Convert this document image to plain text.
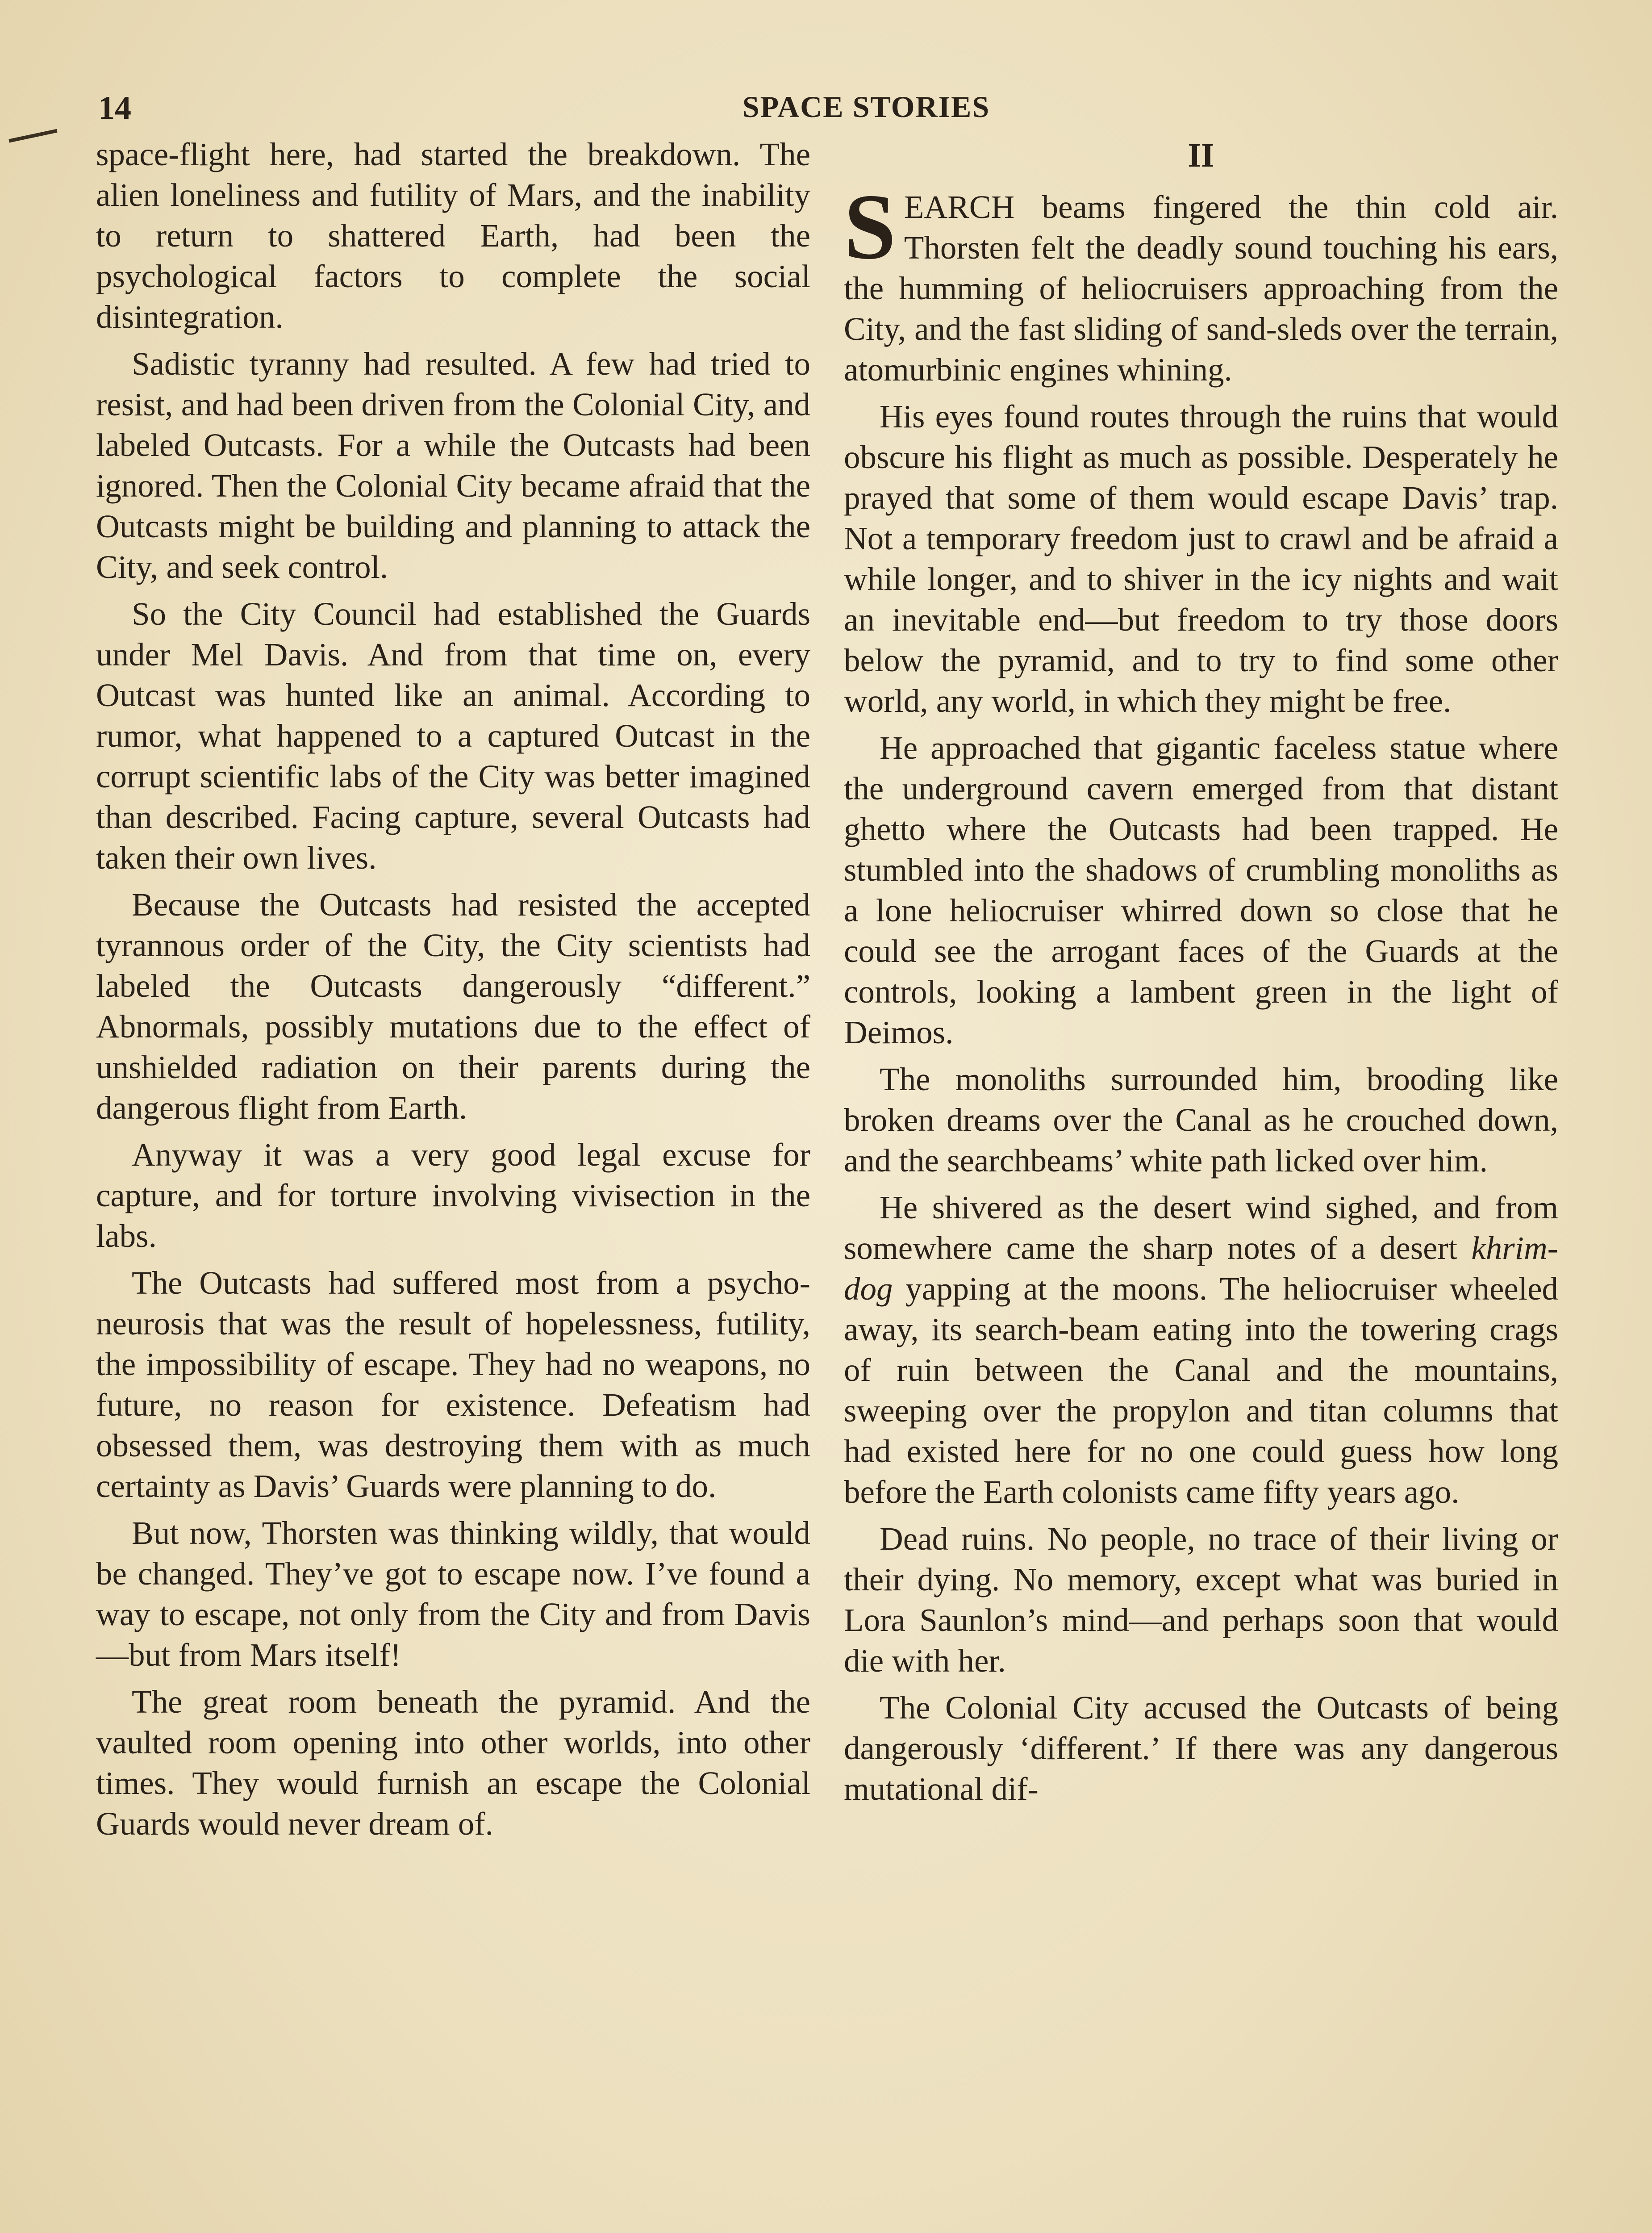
14	SPACE STORIES

space-flight here, had started the breakdown. The alien loneliness and futility of Mars, and the inability to return to shattered Earth, had been the psychological factors to complete the social disintegration.

Sadistic tyranny had resulted. A few had tried to resist, and had been driven from the Colonial City, and labeled Outcasts. For a while the Outcasts had been ignored. Then the Colonial City became afraid that the Outcasts might be building and planning to attack the City, and seek control.

So the City Council had established the Guards under Mel Davis. And from that time on, every Outcast was hunted like an animal. According to rumor, what happened to a captured Outcast in the corrupt scientific labs of the City was better imagined than described. Facing capture, several Outcasts had taken their own lives.

Because the Outcasts had resisted the accepted tyrannous order of the City, the City scientists had labeled the Outcasts dangerously “different.” Abnormals, possibly mutations due to the effect of unshielded radiation on their parents during the dangerous flight from Earth.

Anyway it was a very good legal excuse for capture, and for torture involving vivisection in the labs.

The Outcasts had suffered most from a psycho-neurosis that was the result of hopelessness, futility, the impossibility of escape. They had no weapons, no future, no reason for existence. Defeatism had obsessed them, was destroying them with as much certainty as Davis’ Guards were planning to do.

But now, Thorsten was thinking wildly, that would be changed. They’ve got to escape now. I’ve found a way to escape, not only from the City and from Davis—but from Mars itself!

The great room beneath the pyramid. And the vaulted room opening into other worlds, into other times. They would furnish an escape the Colonial Guards would never dream of.

II

SEARCH beams fingered the thin cold air. Thorsten felt the deadly sound touching his ears, the humming of heliocruisers approaching from the City, and the fast sliding of sand-sleds over the terrain, atomurbinic engines whining.

His eyes found routes through the ruins that would obscure his flight as much as possible. Desperately he prayed that some of them would escape Davis’ trap. Not a temporary freedom just to crawl and be afraid a while longer, and to shiver in the icy nights and wait an inevitable end—but freedom to try those doors below the pyramid, and to try to find some other world, any world, in which they might be free.

He approached that gigantic faceless statue where the underground cavern emerged from that distant ghetto where the Outcasts had been trapped. He stumbled into the shadows of crumbling monoliths as a lone heliocruiser whirred down so close that he could see the arrogant faces of the Guards at the controls, looking a lambent green in the light of Deimos.

The monoliths surrounded him, brooding like broken dreams over the Canal as he crouched down, and the searchbeams’ white path licked over him.

He shivered as the desert wind sighed, and from somewhere came the sharp notes of a desert khrim-dog yapping at the moons. The heliocruiser wheeled away, its search-beam eating into the towering crags of ruin between the Canal and the mountains, sweeping over the propylon and titan columns that had existed here for no one could guess how long before the Earth colonists came fifty years ago.

Dead ruins. No people, no trace of their living or their dying. No memory, except what was buried in Lora Saunlon’s mind—and perhaps soon that would die with her.

The Colonial City accused the Outcasts of being dangerously ‘different.’ If there was any dangerous mutational dif-
